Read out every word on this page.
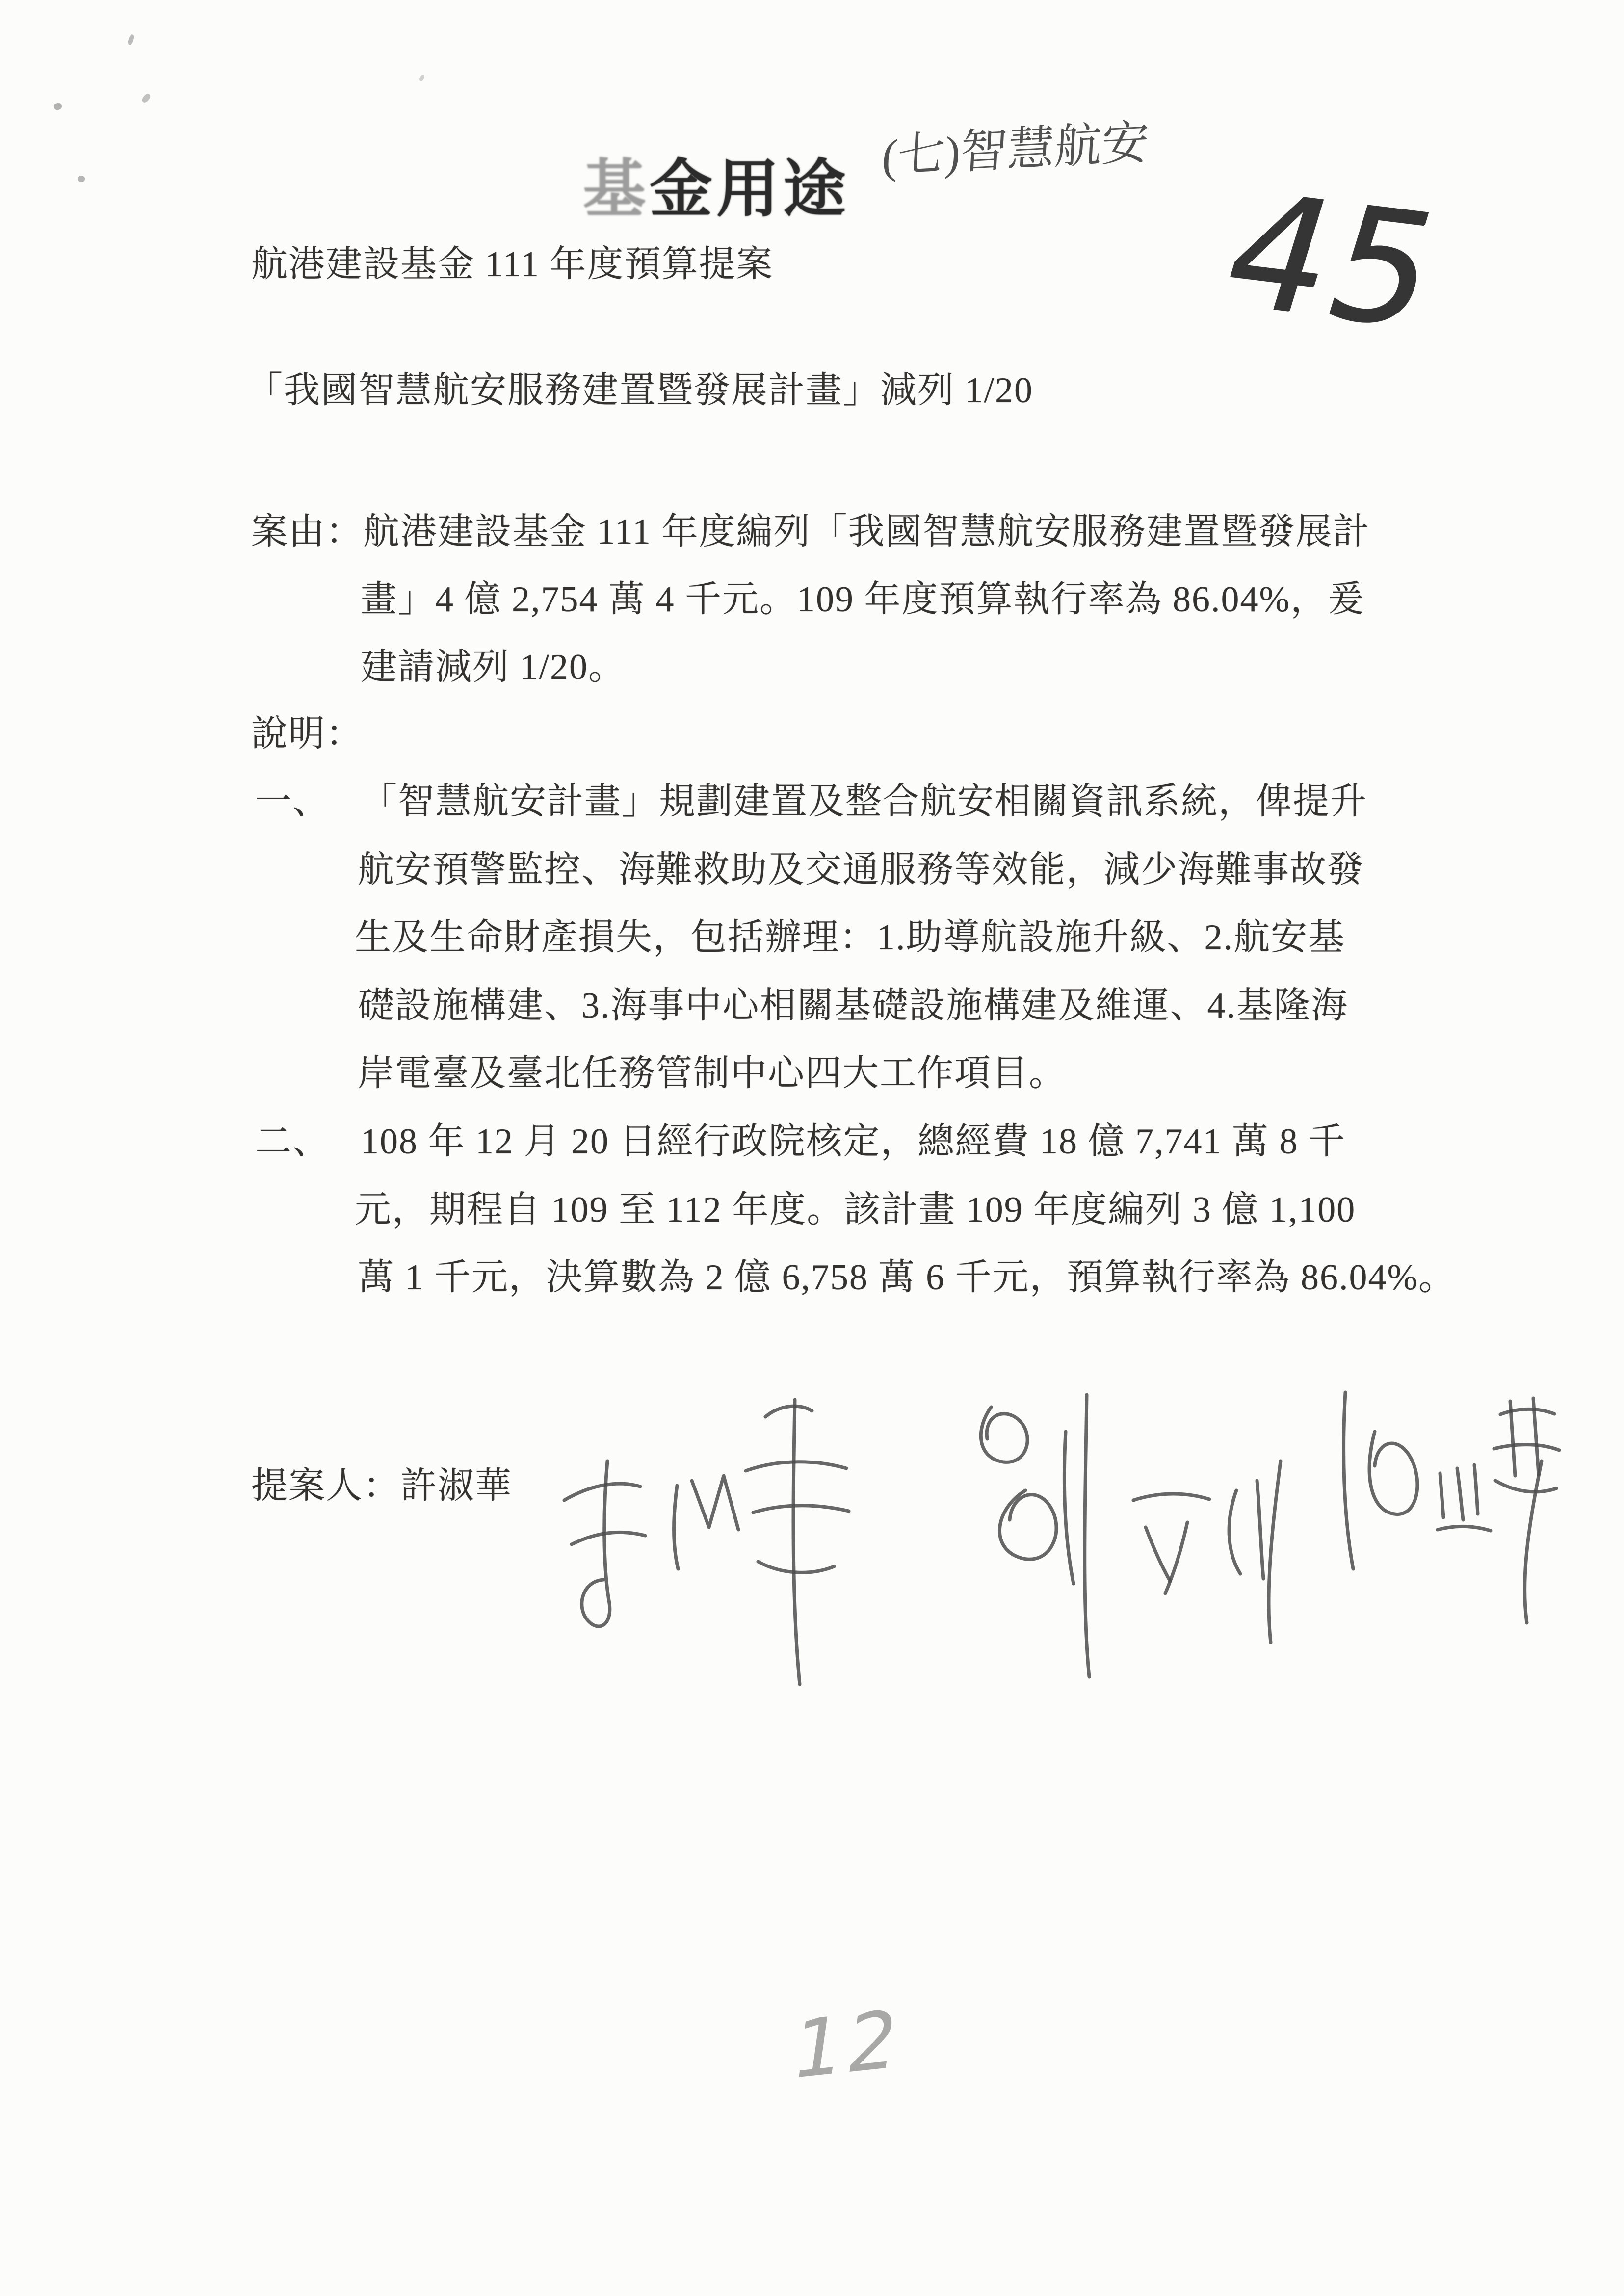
基金用途
(七)智慧航安
45
航港建設基金 111 年度預算提案
「我國智慧航安服務建置暨發展計畫」減列 1/20
案由：航港建設基金 111 年度編列「我國智慧航安服務建置暨發展計
畫」4 億 2,754 萬 4 千元。109 年度預算執行率為 86.04%，爰
建請減列 1/20。
說明：
一、 「智慧航安計畫」規劃建置及整合航安相關資訊系統，俾提升
航安預警監控、海難救助及交通服務等效能，減少海難事故發
生及生命財產損失，包括辦理：1.助導航設施升級、2.航安基
礎設施構建、3.海事中心相關基礎設施構建及維運、4.基隆海
岸電臺及臺北任務管制中心四大工作項目。
二、 108 年 12 月 20 日經行政院核定，總經費 18 億 7,741 萬 8 千
元，期程自 109 至 112 年度。該計畫 109 年度編列 3 億 1,100
萬 1 千元，決算數為 2 億 6,758 萬 6 千元，預算執行率為 86.04%。
提案人：許淑華
12
